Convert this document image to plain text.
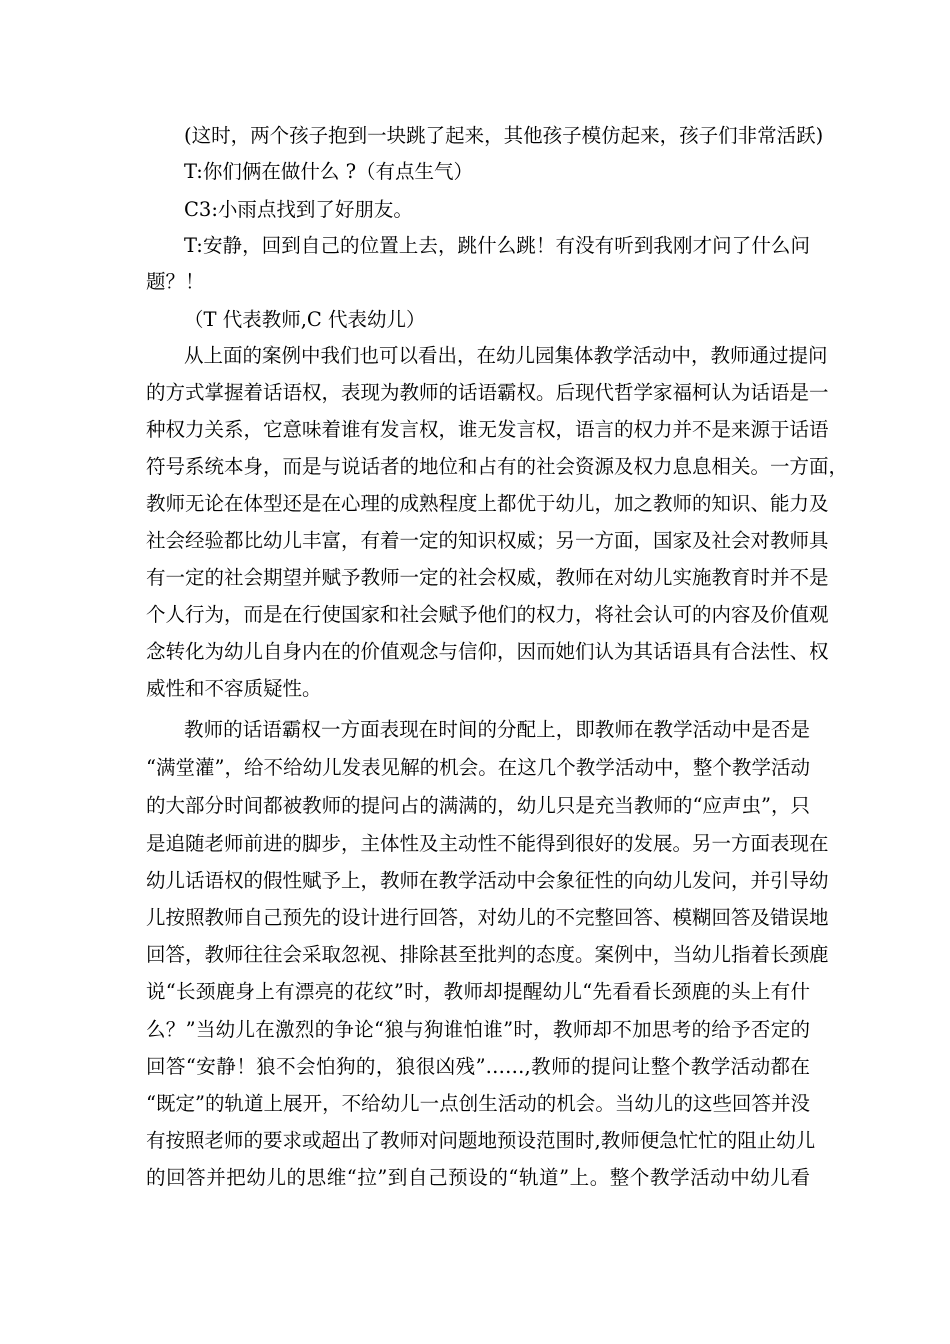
(这时，两个孩子抱到一块跳了起来，其他孩子模仿起来，孩子们非常活跃)
T:你们俩在做什么 ?（有点生气）
C3:小雨点找到了好朋友。
T:安静，回到自己的位置上去，跳什么跳！有没有听到我刚才问了什么问
题？！
（T 代表教师,C 代表幼儿）
从上面的案例中我们也可以看出，在幼儿园集体教学活动中，教师通过提问
的方式掌握着话语权，表现为教师的话语霸权。后现代哲学家福柯认为话语是一
种权力关系，它意味着谁有发言权，谁无发言权，语言的权力并不是来源于话语
符号系统本身，而是与说话者的地位和占有的社会资源及权力息息相关。一方面，
教师无论在体型还是在心理的成熟程度上都优于幼儿，加之教师的知识、能力及
社会经验都比幼儿丰富，有着一定的知识权威；另一方面，国家及社会对教师具
有一定的社会期望并赋予教师一定的社会权威，教师在对幼儿实施教育时并不是
个人行为，而是在行使国家和社会赋予他们的权力，将社会认可的内容及价值观
念转化为幼儿自身内在的价值观念与信仰，因而她们认为其话语具有合法性、权
威性和不容质疑性。
教师的话语霸权一方面表现在时间的分配上，即教师在教学活动中是否是
“满堂灌”，给不给幼儿发表见解的机会。在这几个教学活动中，整个教学活动
的大部分时间都被教师的提问占的满满的，幼儿只是充当教师的“应声虫”，只
是追随老师前进的脚步，主体性及主动性不能得到很好的发展。另一方面表现在
幼儿话语权的假性赋予上，教师在教学活动中会象征性的向幼儿发问，并引导幼
儿按照教师自己预先的设计进行回答，对幼儿的不完整回答、模糊回答及错误地
回答，教师往往会采取忽视、排除甚至批判的态度。案例中，当幼儿指着长颈鹿
说“长颈鹿身上有漂亮的花纹”时，教师却提醒幼儿“先看看长颈鹿的头上有什
么？”当幼儿在激烈的争论“狼与狗谁怕谁”时，教师却不加思考的给予否定的
回答“安静！狼不会怕狗的，狼很凶残”……,教师的提问让整个教学活动都在
“既定”的轨道上展开，不给幼儿一点创生活动的机会。当幼儿的这些回答并没
有按照老师的要求或超出了教师对问题地预设范围时,教师便急忙忙的阻止幼儿
的回答并把幼儿的思维“拉”到自己预设的“轨道”上。整个教学活动中幼儿看
